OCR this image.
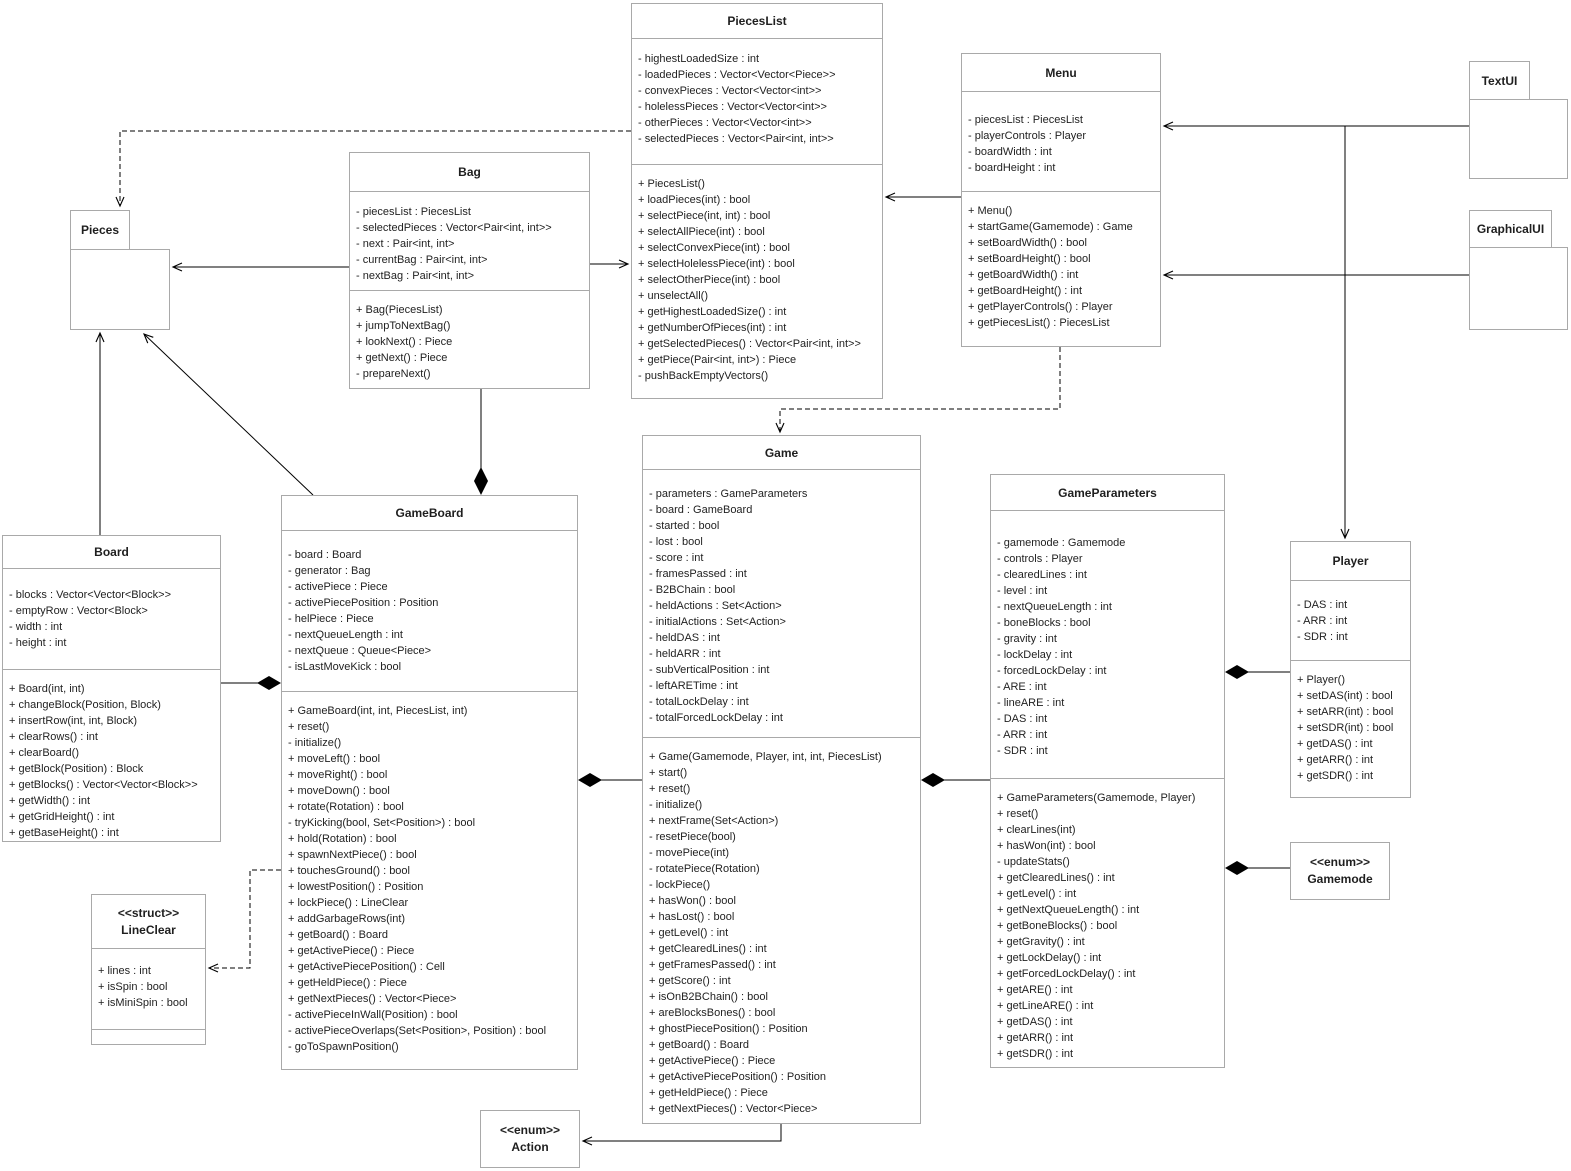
PiecesList
- highestLoadedSize : int
- loadedPieces : Vector<Vector<Piece>>
- convexPieces : Vector<Vector<int>>
- holelessPieces : Vector<Vector<int>>
- otherPieces : Vector<Vector<int>>
- selectedPieces : Vector<Pair<int, int>>
+ PiecesList()
+ loadPieces(int) : bool
+ selectPiece(int, int) : bool
+ selectAllPiece(int) : bool
+ selectConvexPiece(int) : bool
+ selectHolelessPiece(int) : bool
+ selectOtherPiece(int) : bool
+ unselectAll()
+ getHighestLoadedSize() : int
+ getNumberOfPieces(int) : int
+ getSelectedPieces() : Vector<Pair<int, int>>
+ getPiece(Pair<int, int>) : Piece
- pushBackEmptyVectors()
Menu
- piecesList : PiecesList
- playerControls : Player
- boardWidth : int
- boardHeight : int
+ Menu()
+ startGame(Gamemode) : Game
+ setBoardWidth() : bool
+ setBoardHeight() : bool
+ getBoardWidth() : int
+ getBoardHeight() : int
+ getPlayerControls() : Player
+ getPiecesList() : PiecesList
Bag
- piecesList : PiecesList
- selectedPieces : Vector<Pair<int, int>>
- next : Pair<int, int>
- currentBag : Pair<int, int>
- nextBag : Pair<int, int>
+ Bag(PiecesList)
+ jumpToNextBag()
+ lookNext() : Piece
+ getNext() : Piece
- prepareNext()
Board
- blocks : Vector<Vector<Block>>
- emptyRow : Vector<Block>
- width : int
- height : int
+ Board(int, int)
+ changeBlock(Position, Block)
+ insertRow(int, int, Block)
+ clearRows() : int
+ clearBoard()
+ getBlock(Position) : Block
+ getBlocks() : Vector<Vector<Block>>
+ getWidth() : int
+ getGridHeight() : int
+ getBaseHeight() : int
GameBoard
- board : Board
- generator : Bag
- activePiece : Piece
- activePiecePosition : Position
- helPiece : Piece
- nextQueueLength : int
- nextQueue : Queue<Piece>
- isLastMoveKick : bool
+ GameBoard(int, int, PiecesList, int)
+ reset()
- initialize()
+ moveLeft() : bool
+ moveRight() : bool
+ moveDown() : bool
+ rotate(Rotation) : bool
- tryKicking(bool, Set<Position>) : bool
+ hold(Rotation) : bool
+ spawnNextPiece() : bool
+ touchesGround() : bool
+ lowestPosition() : Position
+ lockPiece() : LineClear
+ addGarbageRows(int)
+ getBoard() : Board
+ getActivePiece() : Piece
+ getActivePiecePosition() : Cell
+ getHeldPiece() : Piece
+ getNextPieces() : Vector<Piece>
- activePieceInWall(Position) : bool
- activePieceOverlaps(Set<Position>, Position) : bool
- goToSpawnPosition()
Game
- parameters : GameParameters
- board : GameBoard
- started : bool
- lost : bool
- score : int
- framesPassed : int
- B2BChain : bool
- heldActions : Set<Action>
- initialActions : Set<Action>
- heldDAS : int
- heldARR : int
- subVerticalPosition : int
- leftARETime : int
- totalLockDelay : int
- totalForcedLockDelay : int
+ Game(Gamemode, Player, int, int, PiecesList)
+ start()
+ reset()
- initialize()
+ nextFrame(Set<Action>)
- resetPiece(bool)
- movePiece(int)
- rotatePiece(Rotation)
- lockPiece()
+ hasWon() : bool
+ hasLost() : bool
+ getLevel() : int
+ getClearedLines() : int
+ getFramesPassed() : int
+ getScore() : int
+ isOnB2BChain() : bool
+ areBlocksBones() : bool
+ ghostPiecePosition() : Position
+ getBoard() : Board
+ getActivePiece() : Piece
+ getActivePiecePosition() : Position
+ getHeldPiece() : Piece
+ getNextPieces() : Vector<Piece>
GameParameters
- gamemode : Gamemode
- controls : Player
- clearedLines : int
- level : int
- nextQueueLength : int
- boneBlocks : bool
- gravity : int
- lockDelay : int
- forcedLockDelay : int
- ARE : int
- lineARE : int
- DAS : int
- ARR : int
- SDR : int
+ GameParameters(Gamemode, Player)
+ reset()
+ clearLines(int)
+ hasWon(int) : bool
- updateStats()
+ getClearedLines() : int
+ getLevel() : int
+ getNextQueueLength() : int
+ getBoneBlocks() : bool
+ getGravity() : int
+ getLockDelay() : int
+ getForcedLockDelay() : int
+ getARE() : int
+ getLineARE() : int
+ getDAS() : int
+ getARR() : int
+ getSDR() : int
Player
- DAS : int
- ARR : int
- SDR : int
+ Player()
+ setDAS(int) : bool
+ setARR(int) : bool
+ setSDR(int) : bool
+ getDAS() : int
+ getARR() : int
+ getSDR() : int
<<struct>>
LineClear
+ lines : int
+ isSpin : bool
+ isMiniSpin : bool
<<enum>>
Gamemode
<<enum>>
Action
Pieces
TextUI
GraphicalUI
